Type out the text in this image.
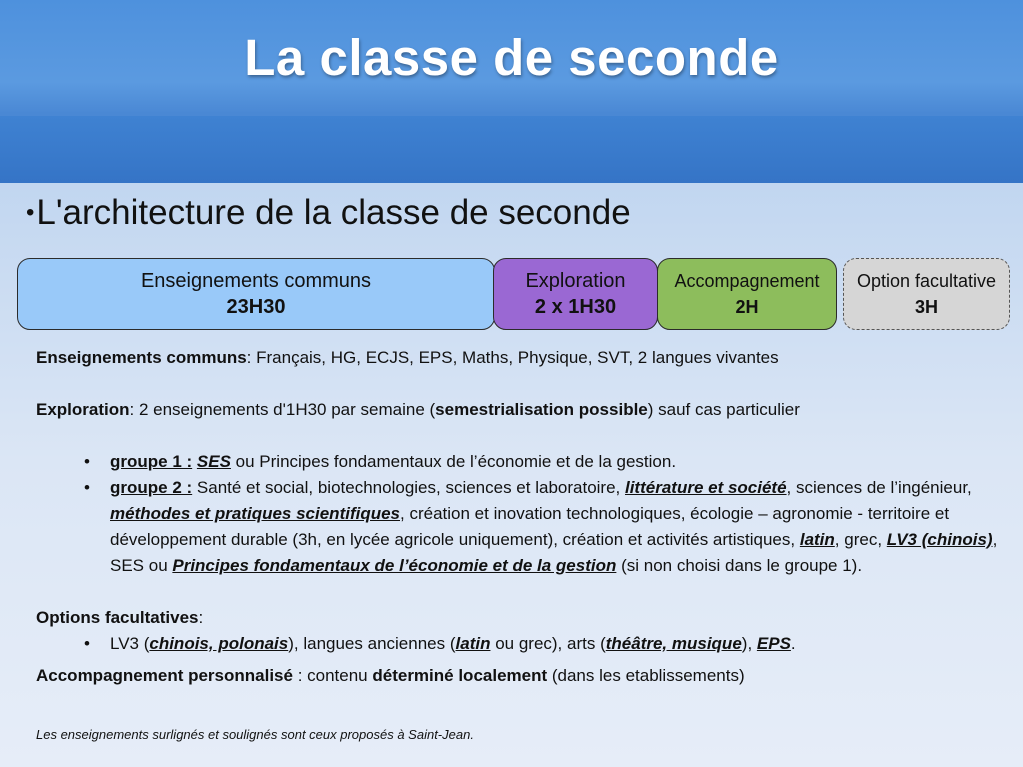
La classe de seconde
•L'architecture de la classe de seconde
Enseignements communs
23H30
Exploration
2 x 1H30
Accompagnement
2H
Option facultative
3H

Enseignements communs: Français, HG, ECJS, EPS, Maths, Physique, SVT, 2 langues vivantes

Exploration: 2 enseignements d'1H30 par semaine (semestrialisation possible) sauf cas particulier

• groupe 1 : SES ou Principes fondamentaux de l’économie et de la gestion.

• groupe 2 : Santé et social, biotechnologies, sciences et laboratoire, littérature et société, sciences de l’ingénieur, méthodes et pratiques scientifiques, création et inovation technologiques, écologie – agronomie - territoire et développement durable (3h, en lycée agricole uniquement), création et activités artistiques, latin, grec, LV3 (chinois), SES ou Principes fondamentaux de l’économie et de la gestion (si non choisi dans le groupe 1).

Options facultatives:

• LV3 (chinois, polonais), langues anciennes (latin ou grec), arts (théâtre, musique), EPS.

Accompagnement personnalisé : contenu déterminé localement (dans les etablissements)

Les enseignements surlignés et soulignés sont ceux proposés à Saint-Jean.
